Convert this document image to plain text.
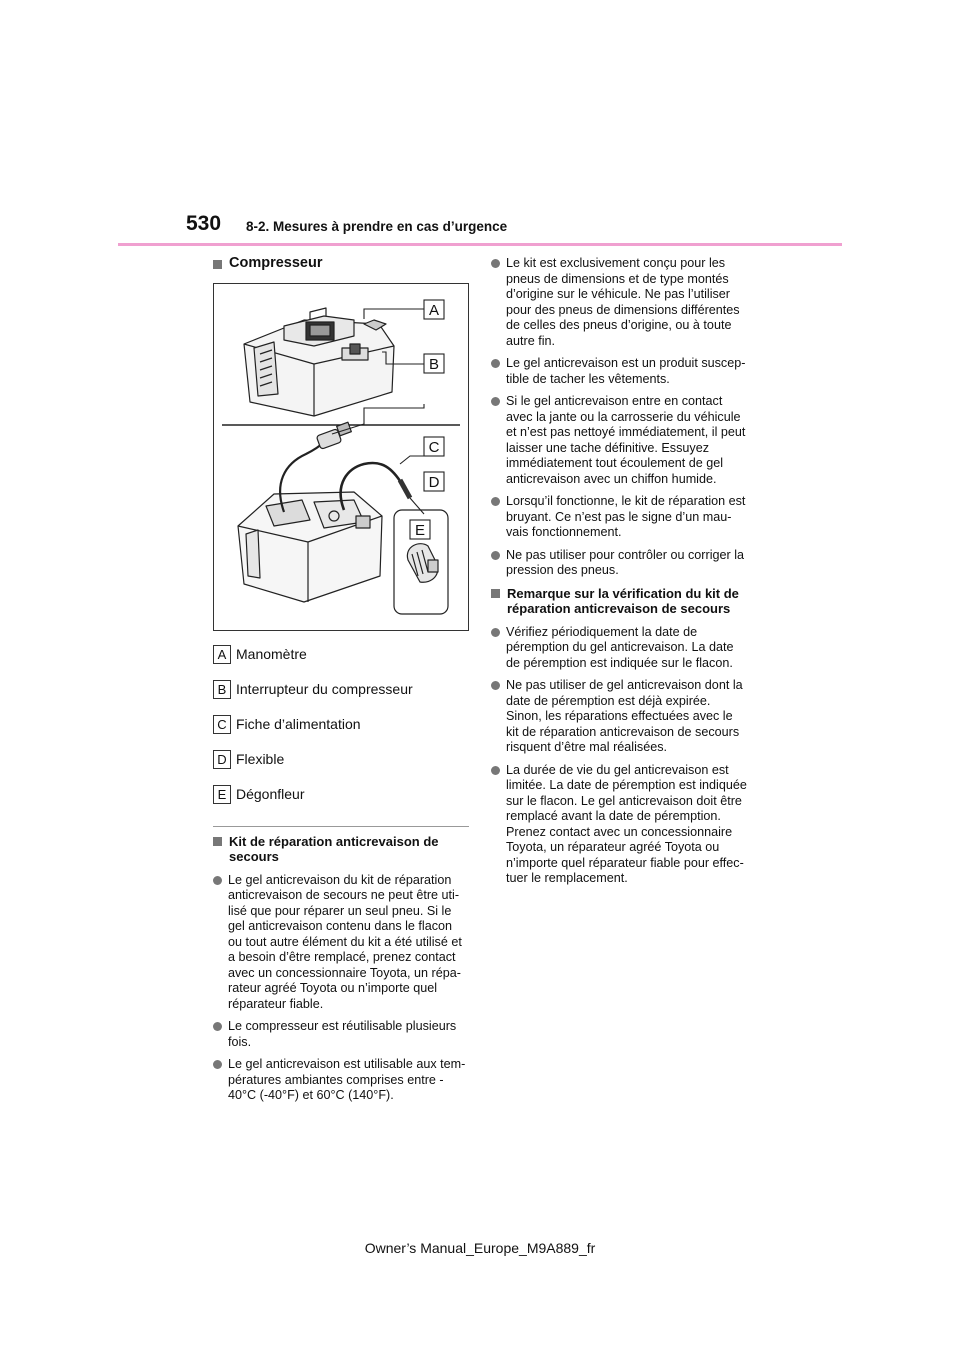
530 8-2. Mesures à prendre en cas d’urgence
Compresseur
A
B
C
D
E
A Manomètre
B Interrupteur du compresseur
C Fiche d’alimentation
D Flexible
E Dégonfleur
Kit de réparation anticrevaison de secours
Le gel anticrevaison du kit de réparation
anticrevaison de secours ne peut être uti-
lisé que pour réparer un seul pneu. Si le
gel anticrevaison contenu dans le flacon
ou tout autre élément du kit a été utilisé et
a besoin d’être remplacé, prenez contact
avec un concessionnaire Toyota, un répa-
rateur agréé Toyota ou n’importe quel
réparateur fiable.
Le compresseur est réutilisable plusieurs
fois.
Le gel anticrevaison est utilisable aux tem-
pératures ambiantes comprises entre -
40°C (-40°F) et 60°C (140°F).
Le kit est exclusivement conçu pour les
pneus de dimensions et de type montés
d’origine sur le véhicule. Ne pas l’utiliser
pour des pneus de dimensions différentes
de celles des pneus d’origine, ou à toute
autre fin.
Le gel anticrevaison est un produit suscep-
tible de tacher les vêtements.
Si le gel anticrevaison entre en contact
avec la jante ou la carrosserie du véhicule
et n’est pas nettoyé immédiatement, il peut
laisser une tache définitive. Essuyez
immédiatement tout écoulement de gel
anticrevaison avec un chiffon humide.
Lorsqu’il fonctionne, le kit de réparation est
bruyant. Ce n’est pas le signe d’un mau-
vais fonctionnement.
Ne pas utiliser pour contrôler ou corriger la
pression des pneus.
Remarque sur la vérification du kit de réparation anticrevaison de secours
Vérifiez périodiquement la date de
péremption du gel anticrevaison. La date
de péremption est indiquée sur le flacon.
Ne pas utiliser de gel anticrevaison dont la
date de péremption est déjà expirée.
Sinon, les réparations effectuées avec le
kit de réparation anticrevaison de secours
risquent d’être mal réalisées.
La durée de vie du gel anticrevaison est
limitée. La date de péremption est indiquée
sur le flacon. Le gel anticrevaison doit être
remplacé avant la date de péremption.
Prenez contact avec un concessionnaire
Toyota, un réparateur agréé Toyota ou
n’importe quel réparateur fiable pour effec-
tuer le remplacement.
Owner’s Manual_Europe_M9A889_fr
